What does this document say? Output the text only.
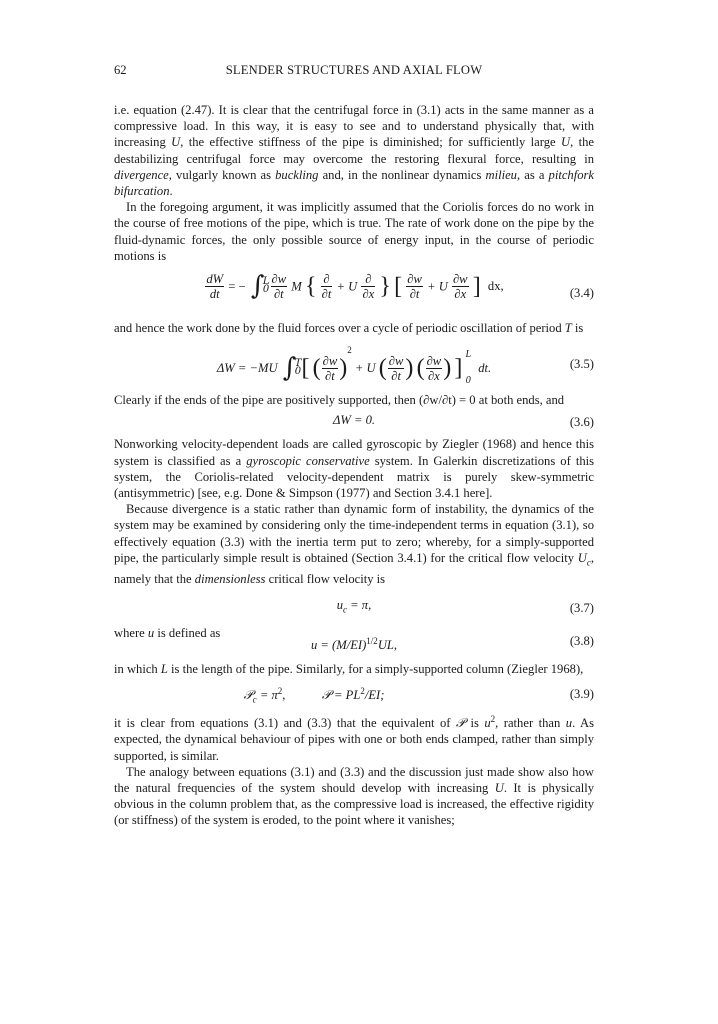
62	SLENDER STRUCTURES AND AXIAL FLOW

i.e. equation (2.47). It is clear that the centrifugal force in (3.1) acts in the same manner as a compressive load. In this way, it is easy to see and to understand physically that, with increasing U, the effective stiffness of the pipe is diminished; for sufficiently large U, the destabilizing centrifugal force may overcome the restoring flexural force, resulting in divergence, vulgarly known as buckling and, in the nonlinear dynamics milieu, as a pitchfork bifurcation.

In the foregoing argument, it was implicitly assumed that the Coriolis forces do no work in the course of free motions of the pipe, which is true. The rate of work done on the pipe by the fluid-dynamic forces, the only possible source of energy input, in the course of periodic motions is

$\frac{dW}{dt}$ = − ∫
L
0
$\frac{\partial w}{\partial t}$ M { $\frac{\partial}{\partial t} + U \frac{\partial}{\partial x}$ } [ $\frac{\partial w}{\partial t} + U \frac{\partial w}{\partial x}$ ] dx,	(3.4)

and hence the work done by the fluid forces over a cycle of periodic oscillation of period T is

ΔW = −MU ∫
T
0 [ ( $\frac{\partial w}{\partial t} )^2 + U$ ( $\frac{\partial w}{\partial t}$ ) ( $\frac{\partial w}{\partial x}$ ) ]
L
0
dt.	(3.5)

Clearly if the ends of the pipe are positively supported, then (∂w/∂t) = 0 at both ends, and

ΔW = 0.	(3.6)

Nonworking velocity-dependent loads are called gyroscopic by Ziegler (1968) and hence this system is classified as a gyroscopic conservative system. In Galerkin discretizations of this system, the Coriolis-related velocity-dependent matrix is purely skew-symmetric (antisymmetric) [see, e.g. Done & Simpson (1977) and Section 3.4.1 here].

Because divergence is a static rather than dynamic form of instability, the dynamics of the system may be examined by considering only the time-independent terms in equation (3.1), so effectively equation (3.3) with the inertia term put to zero; whereby, for a simply-supported pipe, the particularly simple result is obtained (Section 3.4.1) for the critical flow velocity $U_c$, namely that the dimensionless critical flow velocity is

$u_c = \pi$,	(3.7)
where u is defined as
$u = (M/EI)^{1/2}UL$,	(3.8)

in which L is the length of the pipe. Similarly, for a simply-supported column (Ziegler 1968),

𝒫$_c$ = $\pi^2$,	𝒫 = $PL^2/EI$;	(3.9)

it is clear from equations (3.1) and (3.3) that the equivalent of 𝒫 is $u^2$, rather than u. As expected, the dynamical behaviour of pipes with one or both ends clamped, rather than simply supported, is similar.

The analogy between equations (3.1) and (3.3) and the discussion just made show also how the natural frequencies of the system should develop with increasing U. It is physically obvious in the column problem that, as the compressive load is increased, the effective rigidity (or stiffness) of the system is eroded, to the point where it vanishes;
